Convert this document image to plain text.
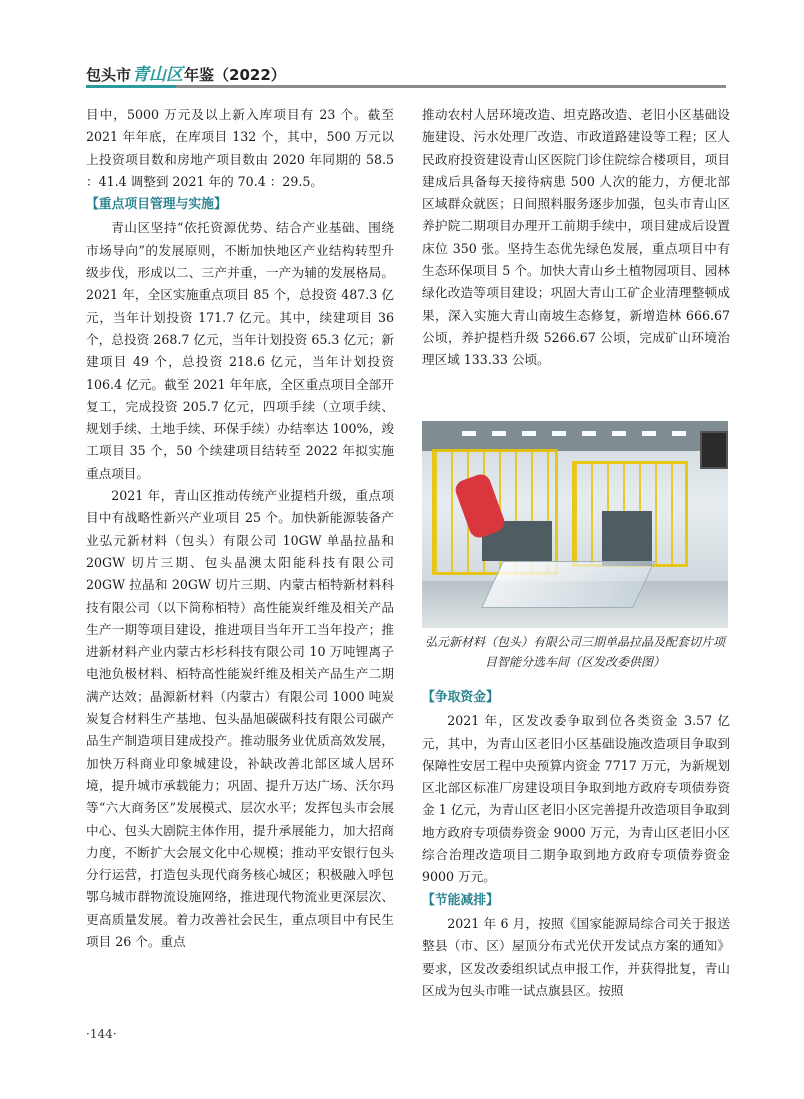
包头市青山区年鉴（2022）

目中，5000 万元及以上新入库项目有 23 个。截至 2021 年年底，在库项目 132 个，其中，500 万元以上投资项目数和房地产项目数由 2020 年同期的 58.5 ：41.4 调整到 2021 年的 70.4 ：29.5。

【重点项目管理与实施】

青山区坚持“依托资源优势、结合产业基础、围绕市场导向”的发展原则，不断加快地区产业结构转型升级步伐，形成以二、三产并重，一产为辅的发展格局。2021 年，全区实施重点项目 85 个，总投资 487.3 亿元，当年计划投资 171.7 亿元。其中，续建项目 36 个，总投资 268.7 亿元，当年计划投资 65.3 亿元；新建项目 49 个，总投资 218.6 亿元，当年计划投资 106.4 亿元。截至 2021 年年底，全区重点项目全部开复工，完成投资 205.7 亿元，四项手续（立项手续、规划手续、土地手续、环保手续）办结率达 100%，竣工项目 35 个，50 个续建项目结转至 2022 年拟实施重点项目。

2021 年，青山区推动传统产业提档升级，重点项目中有战略性新兴产业项目 25 个。加快新能源装备产业弘元新材料（包头）有限公司 10GW 单晶拉晶和 20GW 切片三期、包头晶澳太阳能科技有限公司 20GW 拉晶和 20GW 切片三期、内蒙古栢特新材料科技有限公司（以下简称栢特）高性能炭纤维及相关产品生产一期等项目建设，推进项目当年开工当年投产；推进新材料产业内蒙古杉杉科技有限公司 10 万吨锂离子电池负极材料、栢特高性能炭纤维及相关产品生产二期满产达效；晶源新材料（内蒙古）有限公司 1000 吨炭炭复合材料生产基地、包头晶旭碳碳科技有限公司碳产品生产制造项目建成投产。推动服务业优质高效发展，加快万科商业印象城建设，补缺改善北部区域人居环境，提升城市承载能力；巩固、提升万达广场、沃尔玛等“六大商务区”发展模式、层次水平；发挥包头市会展中心、包头大剧院主体作用，提升承展能力，加大招商力度，不断扩大会展文化中心规模；推动平安银行包头分行运营，打造包头现代商务核心城区；积极融入呼包鄂乌城市群物流设施网络，推进现代物流业更深层次、更高质量发展。着力改善社会民生，重点项目中有民生项目 26 个。重点

推动农村人居环境改造、坦克路改造、老旧小区基础设施建设、污水处理厂改造、市政道路建设等工程；区人民政府投资建设青山区医院门诊住院综合楼项目，项目建成后具备每天接待病患 500 人次的能力，方便北部区域群众就医；日间照料服务逐步加强，包头市青山区养护院二期项目办理开工前期手续中，项目建成后设置床位 350 张。坚持生态优先绿色发展，重点项目中有生态环保项目 5 个。加快大青山乡土植物园项目、园林绿化改造等项目建设；巩固大青山工矿企业清理整顿成果，深入实施大青山南坡生态修复，新增造林 666.67 公顷，养护提档升级 5266.67 公顷，完成矿山环境治理区域 133.33 公顷。

弘元新材料（包头）有限公司三期单晶拉晶及配套切片项目智能分选车间（区发改委供图）
【争取资金】

2021 年，区发改委争取到位各类资金 3.57 亿元，其中，为青山区老旧小区基础设施改造项目争取到保障性安居工程中央预算内资金 7717 万元，为新规划区北部区标准厂房建设项目争取到地方政府专项债券资金 1 亿元，为青山区老旧小区完善提升改造项目争取到地方政府专项债券资金 9000 万元，为青山区老旧小区综合治理改造项目二期争取到地方政府专项债券资金 9000 万元。

【节能减排】

2021 年 6 月，按照《国家能源局综合司关于报送整县（市、区）屋顶分布式光伏开发试点方案的通知》要求，区发改委组织试点申报工作，并获得批复，青山区成为包头市唯一试点旗县区。按照

·144·
